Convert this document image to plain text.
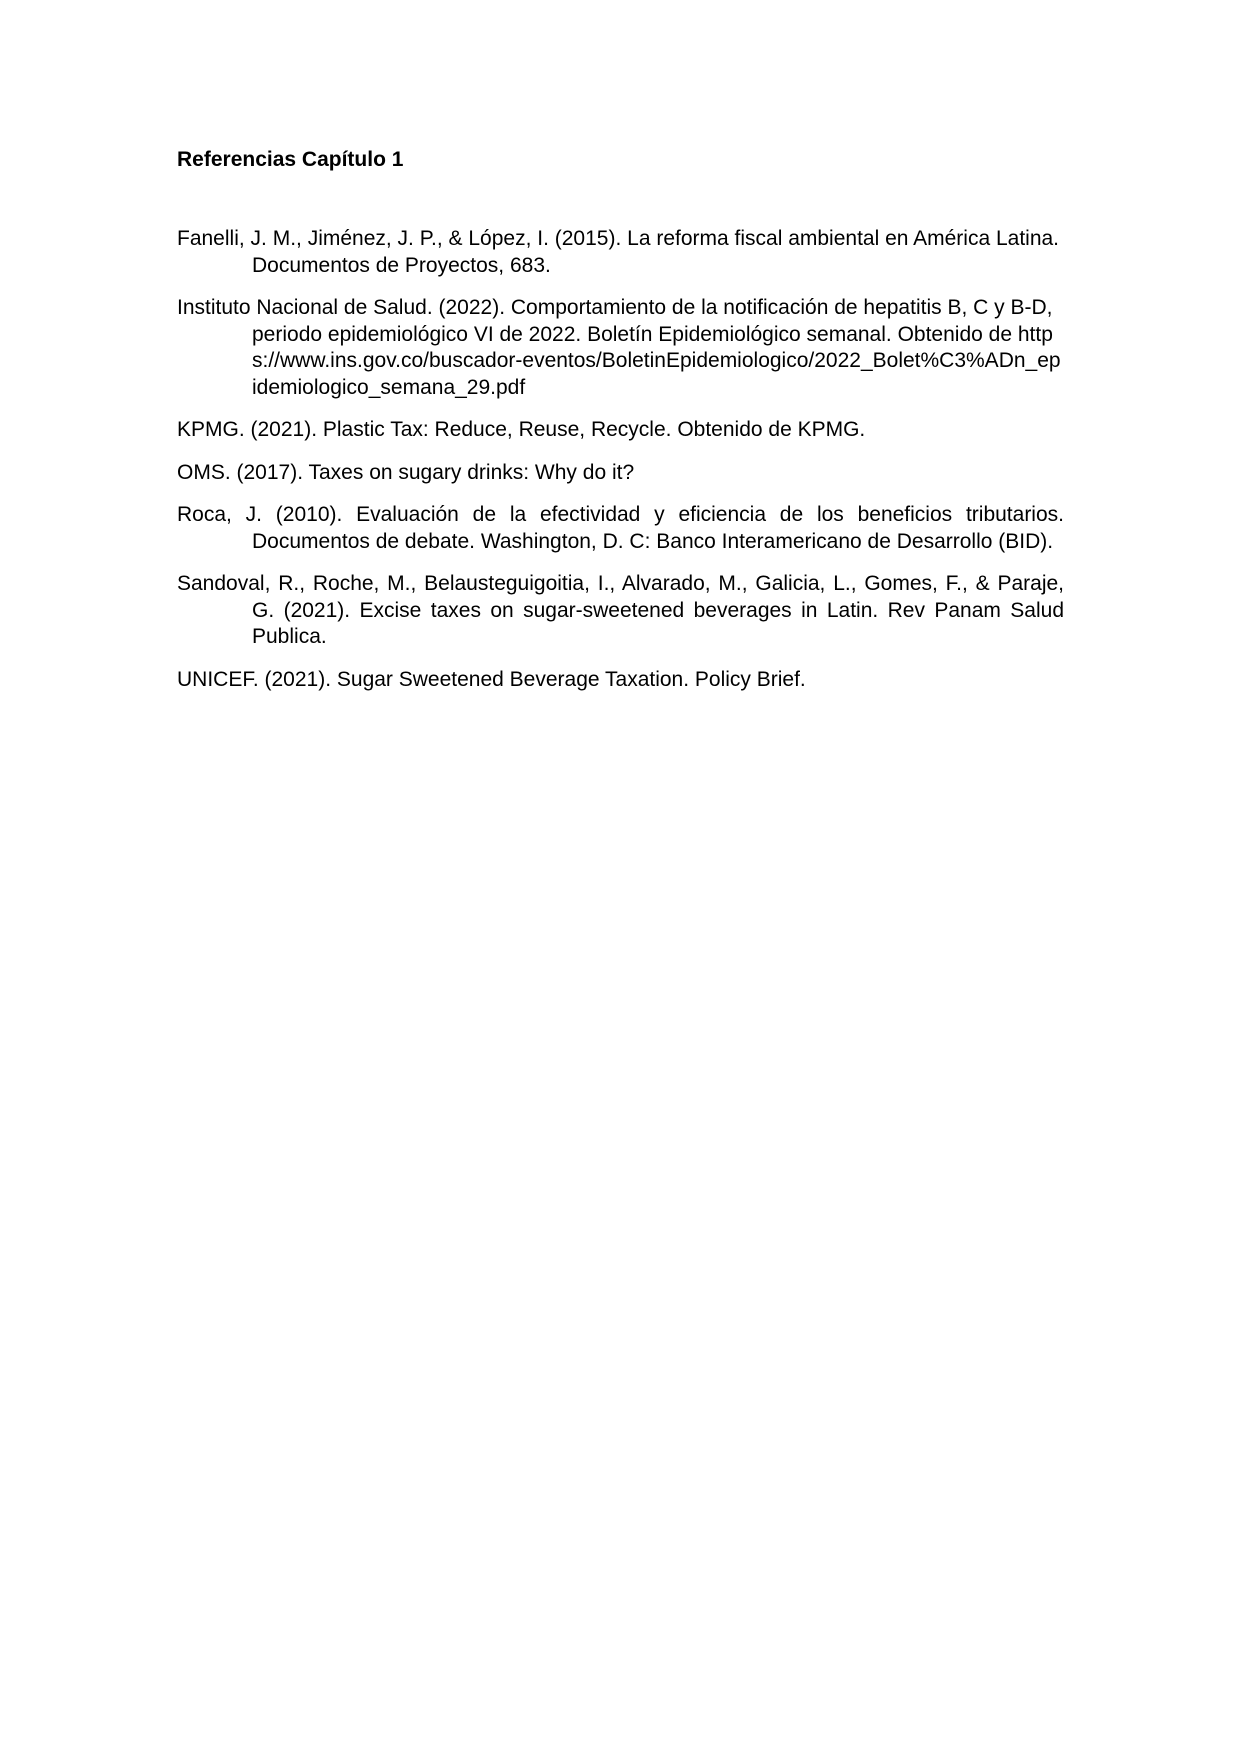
Referencias Capítulo 1
Fanelli, J. M., Jiménez, J. P., & López, I. (2015). La reforma fiscal ambiental en América Latina. Documentos de Proyectos, 683.
Instituto Nacional de Salud. (2022). Comportamiento de la notificación de hepatitis B, C y B-D, periodo epidemiológico VI de 2022. Boletín Epidemiológico semanal. Obtenido de https://www.ins.gov.co/buscador-eventos/BoletinEpidemiologico/2022_Bolet%C3%ADn_epidemiologico_semana_29.pdf
KPMG. (2021). Plastic Tax: Reduce, Reuse, Recycle. Obtenido de KPMG.
OMS. (2017). Taxes on sugary drinks: Why do it?
Roca, J. (2010). Evaluación de la efectividad y eficiencia de los beneficios tributarios. Documentos de debate. Washington, D. C: Banco Interamericano de Desarrollo (BID).
Sandoval, R., Roche, M., Belausteguigoitia, I., Alvarado, M., Galicia, L., Gomes, F., & Paraje, G. (2021). Excise taxes on sugar-sweetened beverages in Latin. Rev Panam Salud Publica.
UNICEF. (2021). Sugar Sweetened Beverage Taxation. Policy Brief.
